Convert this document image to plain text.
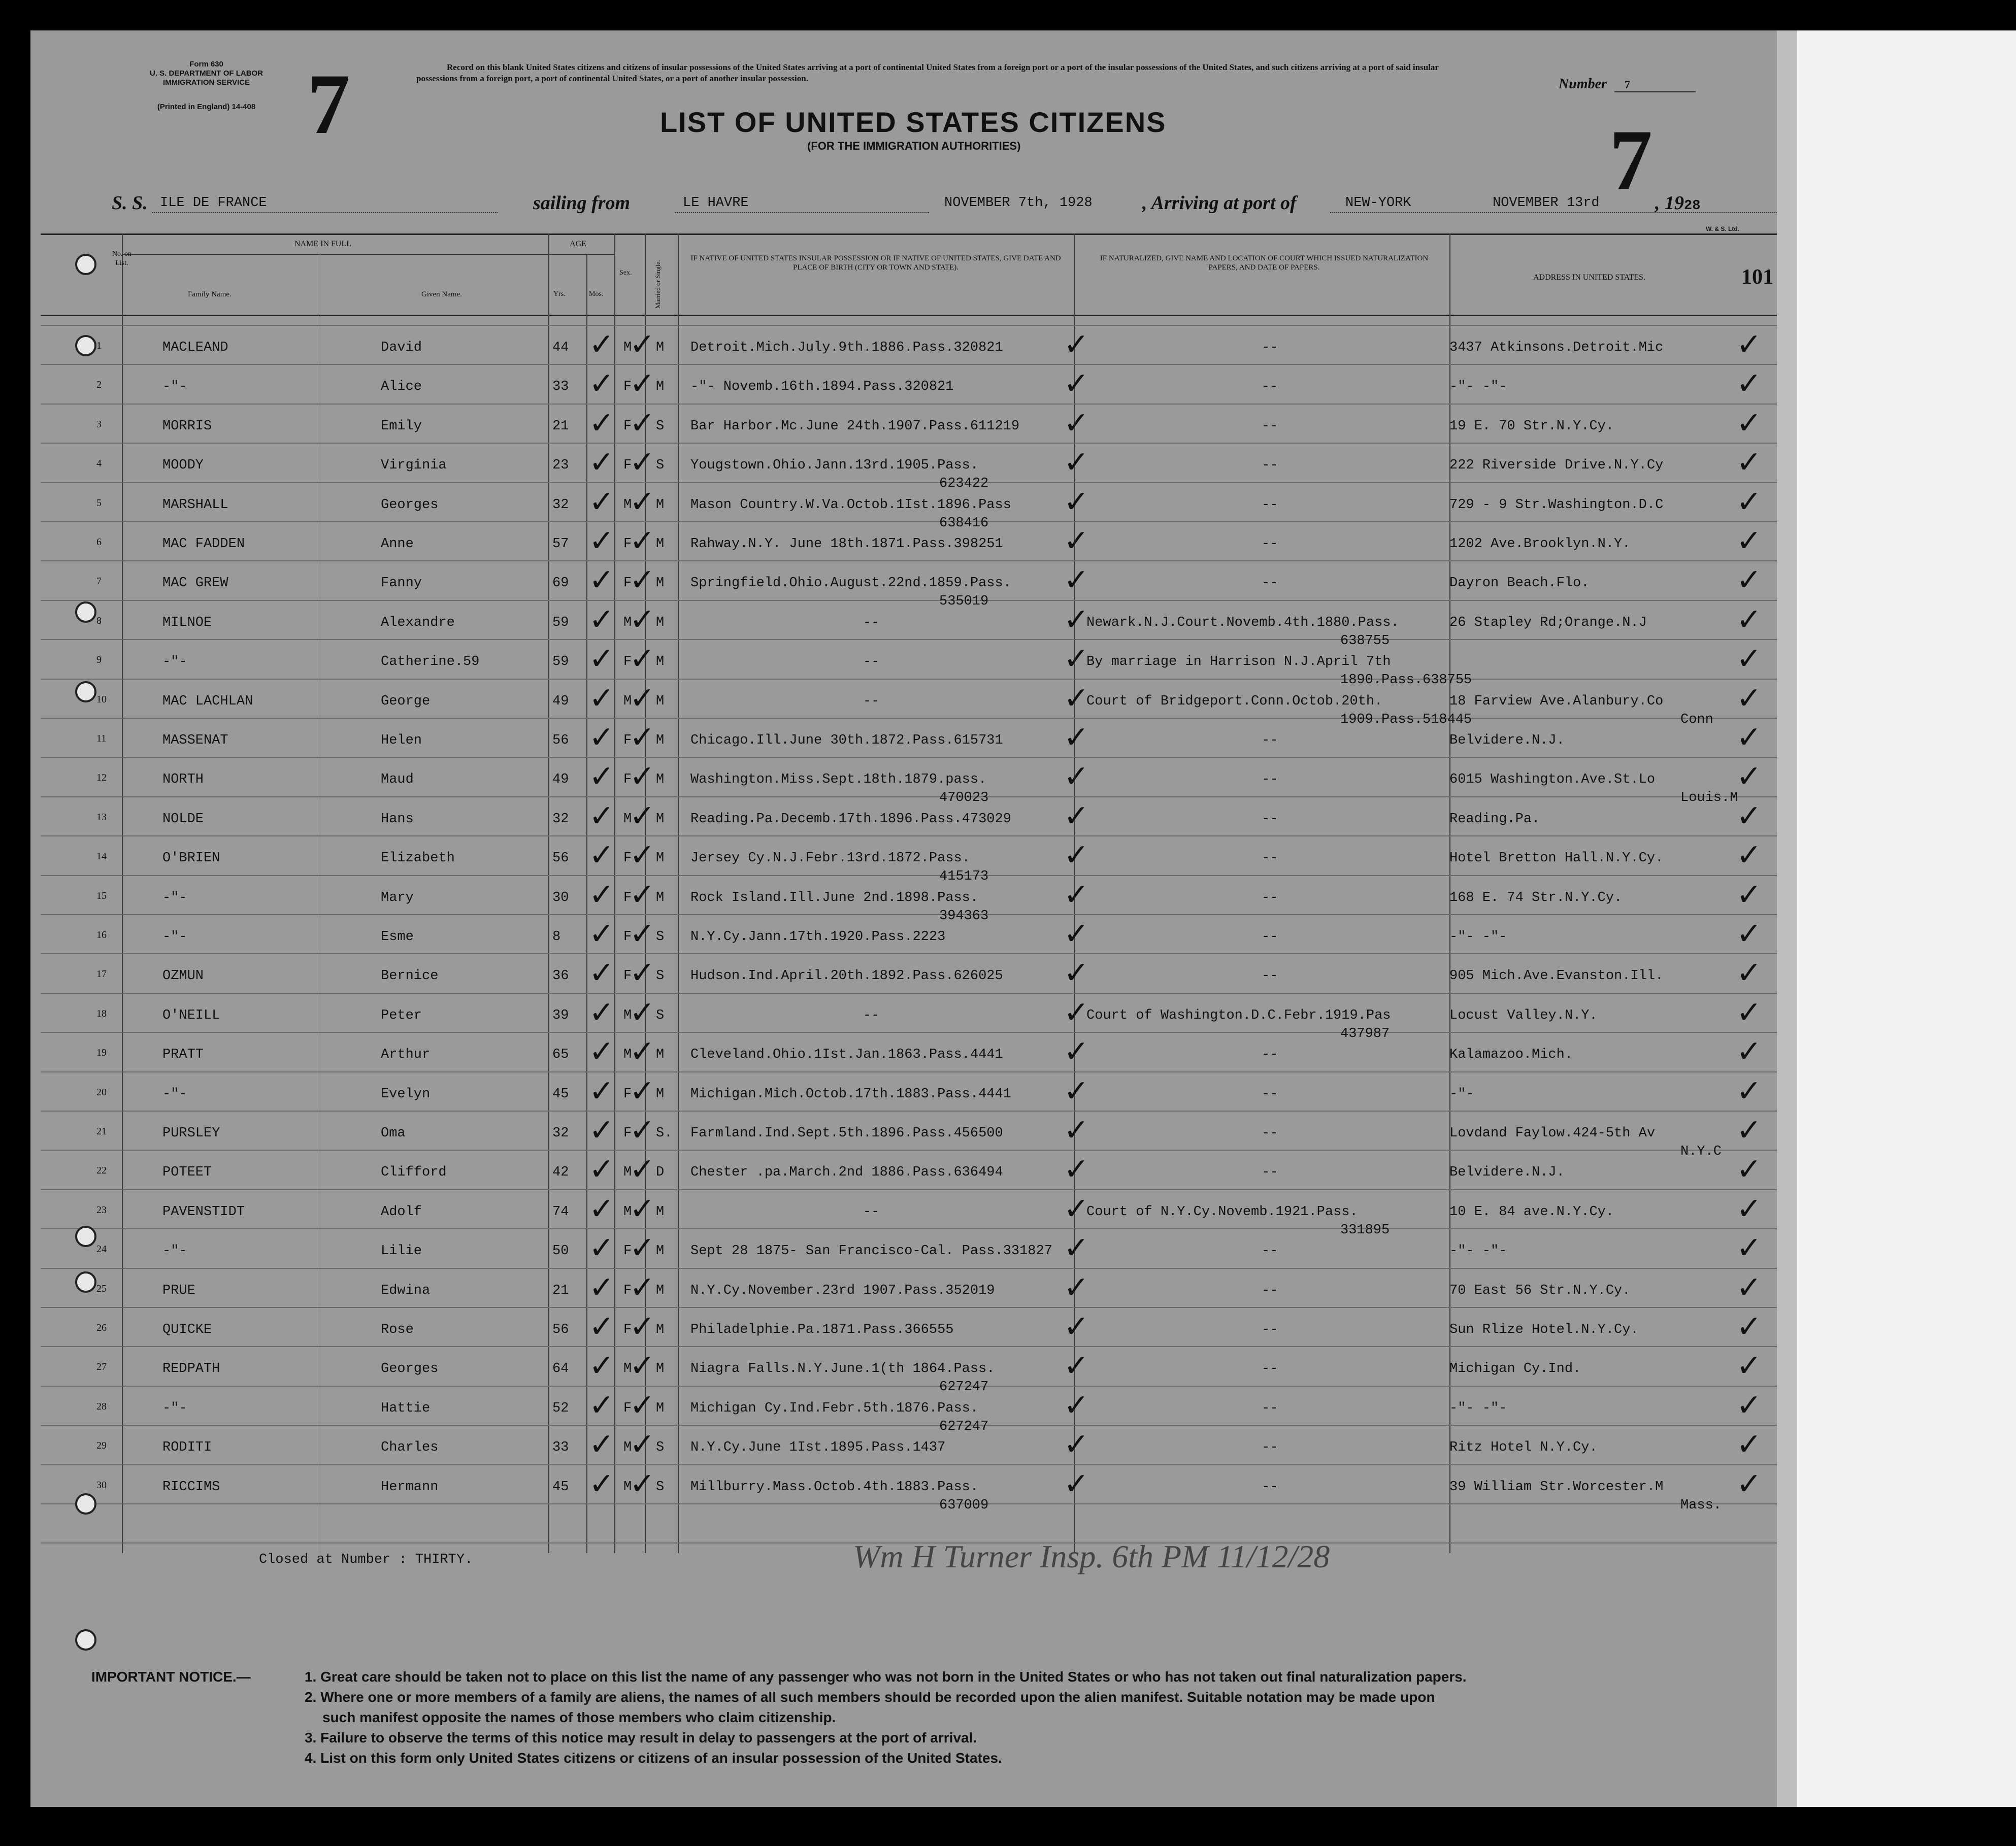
Form 630
U. S. DEPARTMENT OF LABOR
IMMIGRATION SERVICE
(Printed in England) 14-408 7	Record on this blank United States citizens and citizens of insular possessions of the United States arriving at a port of continental United States from a foreign port or a port of the insular possessions of the United States, and such citizens arriving at a port of said insular possessions from a foreign port, a port of continental United States, or a port of another insular possession.
LIST OF UNITED STATES CITIZENS
(FOR THE IMMIGRATION AUTHORITIES)
Number 7
7
S. S. ILE DE FRANCE	sailing from	LE HAVRE	NOVEMBER 7th, 1928	, Arriving at port of	NEW-YORK	NOVEMBER 13rd	, 1928
W. & S. Ltd.
No. on List.
NAME IN FULL
Family Name.	Given Name.
AGE
Yrs.	Mos.
Sex.	Married or Single.
IF NATIVE OF UNITED STATES INSULAR POSSESSION OR IF NATIVE OF UNITED STATES, GIVE DATE AND PLACE OF BIRTH (CITY OR TOWN AND STATE).
IF NATURALIZED, GIVE NAME AND LOCATION OF COURT WHICH ISSUED NATURALIZATION PAPERS, AND DATE OF PAPERS.
ADDRESS IN UNITED STATES.	101
1	MACLEAND	David	44	M M Detroit.Mich.July.9th.1886.Pass.320821	--	3437 Atkinsons.Detroit.Mic
✓ ✓	✓	✓
2	-"-	Alice	33	F M -"- Novemb.16th.1894.Pass.320821	--	-"- -"-
✓ ✓	✓	✓
3	MORRIS	Emily	21	F S Bar Harbor.Mc.June 24th.1907.Pass.611219	--	19 E. 70 Str.N.Y.Cy.
✓ ✓	✓	✓
4	MOODY	Virginia	23	F S Yougstown.Ohio.Jann.13rd.1905.Pass.	--	222 Riverside Drive.N.Y.Cy
623422
✓ ✓	✓	✓
5	MARSHALL	Georges	32	M M Mason Country.W.Va.Octob.1Ist.1896.Pass	--	729 - 9 Str.Washington.D.C
638416
✓ ✓	✓	✓
6	MAC FADDEN	Anne	57	F M Rahway.N.Y. June 18th.1871.Pass.398251	--	1202 Ave.Brooklyn.N.Y.
✓ ✓	✓	✓
7	MAC GREW	Fanny	69	F M Springfield.Ohio.August.22nd.1859.Pass.	--	Dayron Beach.Flo.
535019
✓ ✓	✓	✓
8	MILNOE	Alexandre	59	M M	--	Newark.N.J.Court.Novemb.4th.1880.Pass.	26 Stapley Rd;Orange.N.J
638755
✓ ✓	✓	✓
9	-"-	Catherine.59	59	F M	--	By marriage in Harrison N.J.April 7th
1890.Pass.638755
✓ ✓	✓	✓
10	MAC LACHLAN	George	49	M M	--	Court of Bridgeport.Conn.Octob.20th.	18 Farview Ave.Alanbury.Co
1909.Pass.518445	Conn
✓ ✓	✓	✓
11	MASSENAT	Helen	56	F M Chicago.Ill.June 30th.1872.Pass.615731	--	Belvidere.N.J.
✓ ✓	✓	✓
12	NORTH	Maud	49	F M Washington.Miss.Sept.18th.1879.pass.	--	6015 Washington.Ave.St.Lo
470023	Louis.M
✓ ✓	✓	✓
13	NOLDE	Hans	32	M M Reading.Pa.Decemb.17th.1896.Pass.473029	--	Reading.Pa.
✓ ✓	✓	✓
14	O'BRIEN	Elizabeth	56	F M Jersey Cy.N.J.Febr.13rd.1872.Pass.	--	Hotel Bretton Hall.N.Y.Cy.
415173
✓ ✓	✓	✓
15	-"-	Mary	30	F M Rock Island.Ill.June 2nd.1898.Pass.	--	168 E. 74 Str.N.Y.Cy.
394363
✓ ✓	✓	✓
16	-"-	Esme	8	F S N.Y.Cy.Jann.17th.1920.Pass.2223	--	-"- -"-
✓ ✓	✓	✓
17	OZMUN	Bernice	36	F S Hudson.Ind.April.20th.1892.Pass.626025	--	905 Mich.Ave.Evanston.Ill.
✓ ✓	✓	✓
18	O'NEILL	Peter	39	M S	--	Court of Washington.D.C.Febr.1919.Pas	Locust Valley.N.Y.
437987
✓ ✓	✓	✓
19	PRATT	Arthur	65	M M Cleveland.Ohio.1Ist.Jan.1863.Pass.4441	--	Kalamazoo.Mich.
✓ ✓	✓	✓
20	-"-	Evelyn	45	F M Michigan.Mich.Octob.17th.1883.Pass.4441	--	-"-
✓ ✓	✓	✓
21	PURSLEY	Oma	32	F S. Farmland.Ind.Sept.5th.1896.Pass.456500	--	Lovdand Faylow.424-5th Av
N.Y.C
✓ ✓	✓	✓
22	POTEET	Clifford	42	M D Chester .pa.March.2nd 1886.Pass.636494	--	Belvidere.N.J.
✓ ✓	✓	✓
23	PAVENSTIDT	Adolf	74	M M	--	Court of N.Y.Cy.Novemb.1921.Pass.	10 E. 84 ave.N.Y.Cy.
331895
✓ ✓	✓	✓
24	-"-	Lilie	50	F M Sept 28 1875- San Francisco-Cal. Pass.331827	--	-"- -"-
✓ ✓	✓	✓
25	PRUE	Edwina	21	F M N.Y.Cy.November.23rd 1907.Pass.352019	--	70 East 56 Str.N.Y.Cy.
✓ ✓	✓	✓
26	QUICKE	Rose	56	F M Philadelphie.Pa.1871.Pass.366555	--	Sun Rlize Hotel.N.Y.Cy.
✓ ✓	✓	✓
27	REDPATH	Georges	64	M M Niagra Falls.N.Y.June.1(th 1864.Pass.	--	Michigan Cy.Ind.
627247
✓ ✓	✓	✓
28	-"-	Hattie	52	F M Michigan Cy.Ind.Febr.5th.1876.Pass.	--	-"- -"-
627247
✓ ✓	✓	✓
29	RODITI	Charles	33	M S N.Y.Cy.June 1Ist.1895.Pass.1437	--	Ritz Hotel N.Y.Cy.
✓ ✓	✓	✓
30	RICCIMS	Hermann	45	M S Millburry.Mass.Octob.4th.1883.Pass.	--	39 William Str.Worcester.M
637009	Mass.
✓ ✓	✓	✓
Closed at Number : THIRTY.	Wm H Turner Insp. 6th PM 11/12/28
IMPORTANT NOTICE.—	1. Great care should be taken not to place on this list the name of any passenger who was not born in the United States or who has not taken out final naturalization papers.
2. Where one or more members of a family are aliens, the names of all such members should be recorded upon the alien manifest. Suitable notation may be made upon
such manifest opposite the names of those members who claim citizenship.
3. Failure to observe the terms of this notice may result in delay to passengers at the port of arrival.
4. List on this form only United States citizens or citizens of an insular possession of the United States.
